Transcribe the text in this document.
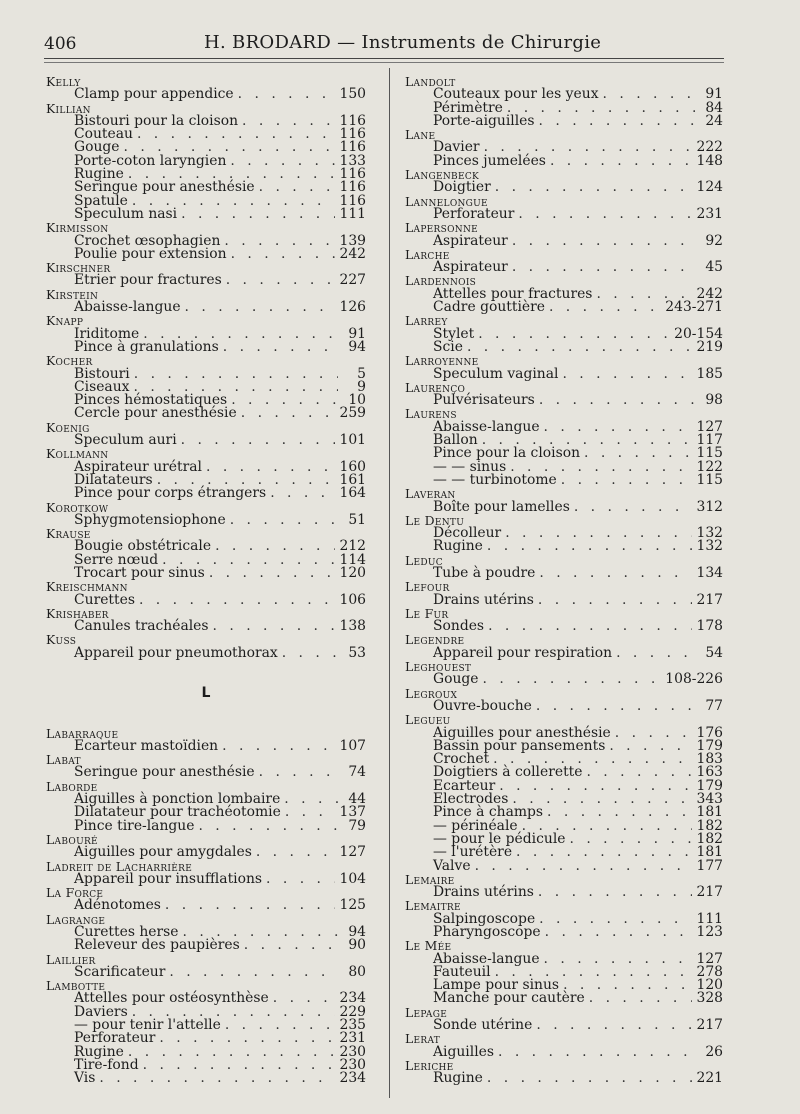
406	H. BRODARD — Instruments de Chirurgie
Kelly
Clamp pour appendice . . .	150
Killian
Bistouri pour la cloison . . .	116
Couteau . . .	116
Gouge . . .	116
Porte-coton laryngien . . .	133
Rugine . . .	116
Seringue pour anesthésie . . .	116
Spatule . . .	116
Speculum nasi . . .	111
Kirmisson
Crochet œsophagien . . .	139
Poulie pour extension . . .	242
Kirschner
Etrier pour fractures . . .	227
Kirstein
Abaisse-langue . . .	126
Knapp
Iriditome . . .	91
Pince à granulations . . .	94
Kocher
Bistouri . . .	5
Ciseaux . . .	9
Pinces hémostatiques . . .	10
Cercle pour anesthésie . . .	259
Koenig
Speculum auri . . .	101
Kollmann
Aspirateur urétral . . .	160
Dilatateurs . . .	161
Pince pour corps étrangers . . .	164
Korotkow
Sphygmotensiophone . . .	51
Krause
Bougie obstétricale . . .	212
Serre nœud . . .	114
Trocart pour sinus . . .	120
Kreischmann
Curettes . . .	106
Krishaber
Canules trachéales . . .	138
Kuss
Appareil pour pneumothorax . . .	53
L
Labarraque
Ecarteur mastoïdien . . .	107
Labat
Seringue pour anesthésie . . .	74
Laborde
Aiguilles à ponction lombaire . . .	44
Dilatateur pour trachéotomie . . .	137
Pince tire-langue . . .	79
Labouré
Aiguilles pour amygdales . . .	127
Ladreit de Lacharrière
Appareil pour insufflations . . .	104
La Force
Adénotomes . . .	125
Lagrange
Curettes herse . . .	94
Releveur des paupières . . .	90
Laillier
Scarificateur . . .	80
Lambotte
Attelles pour ostéosynthèse . . .	234
Daviers . . .	229
— pour tenir l'attelle . . .	235
Perforateur . . .	231
Rugine . . .	230
Tire-fond . . .	230
Vis . . .	234
Landolt
Couteaux pour les yeux . . .	91
Périmètre . . .	84
Porte-aiguilles . . .	24
Lane
Davier . . .	222
Pinces jumelées . . .	148
Langenbeck
Doigtier . . .	124
Lannelongue
Perforateur . . .	231
Lapersonne
Aspirateur . . .	92
Larche
Aspirateur . . .	45
Lardennois
Attelles pour fractures . . .	242
Cadre gouttière . . .	243-271
Larrey
Stylet . . .	20-154
Scie . . .	219
Larroyenne
Speculum vaginal . . .	185
Laurenço
Pulvérisateurs . . .	98
Laurens
Abaisse-langue . . .	127
Ballon . . .	117
Pince pour la cloison . . .	115
— — sinus . . .	122
— — turbinotome . . .	115
Laveran
Boîte pour lamelles . . .	312
Le Dentu
Décolleur . . .	132
Rugine . . .	132
Leduc
Tube à poudre . . .	134
Lefour
Drains utérins . . .	217
Le Fur
Sondes . . .	178
Legendre
Appareil pour respiration . . .	54
Leghouest
Gouge . . .	108-226
Legroux
Ouvre-bouche . . .	77
Legueu
Aiguilles pour anesthésie . . .	176
Bassin pour pansements . . .	179
Crochet . . .	183
Doigtiers à collerette . . .	163
Ecarteur . . .	179
Electrodes . . .	343
Pince à champs . . .	181
— périnéale . . .	182
— pour le pédicule . . .	182
— l'urétère . . .	181
Valve . . .	177
Lemaire
Drains utérins . . .	217
Lemaitre
Salpingoscope . . .	111
Pharyngoscope . . .	123
Le Mée
Abaisse-langue . . .	127
Fauteuil . . .	278
Lampe pour sinus . . .	120
Manche pour cautère . . .	328
Lepage
Sonde utérine . . .	217
Lerat
Aiguilles . . .	26
Leriche
Rugine . . .	221
